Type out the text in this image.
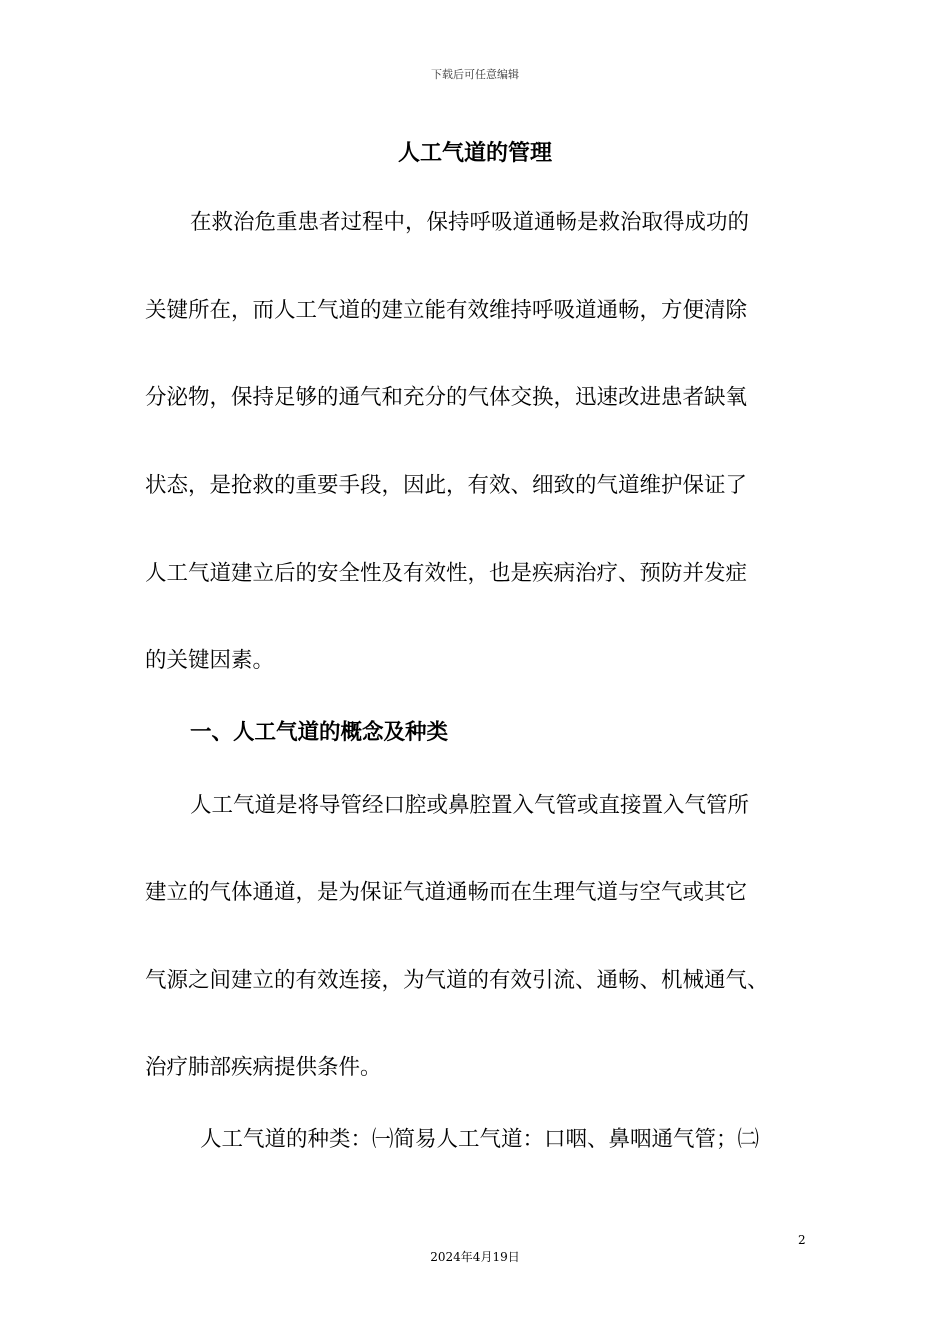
下载后可任意编辑
人工气道的管理

在救治危重患者过程中，保持呼吸道通畅是救治取得成功的

关键所在，而人工气道的建立能有效维持呼吸道通畅，方便清除

分泌物，保持足够的通气和充分的气体交换，迅速改进患者缺氧

状态，是抢救的重要手段，因此，有效、细致的气道维护保证了

人工气道建立后的安全性及有效性，也是疾病治疗、预防并发症

的关键因素。

一、人工气道的概念及种类

人工气道是将导管经口腔或鼻腔置入气管或直接置入气管所

建立的气体通道，是为保证气道通畅而在生理气道与空气或其它

气源之间建立的有效连接，为气道的有效引流、通畅、机械通气、

治疗肺部疾病提供条件。

人工气道的种类：㈠简易人工气道：口咽、鼻咽通气管；㈡

2
2024年4月19日
